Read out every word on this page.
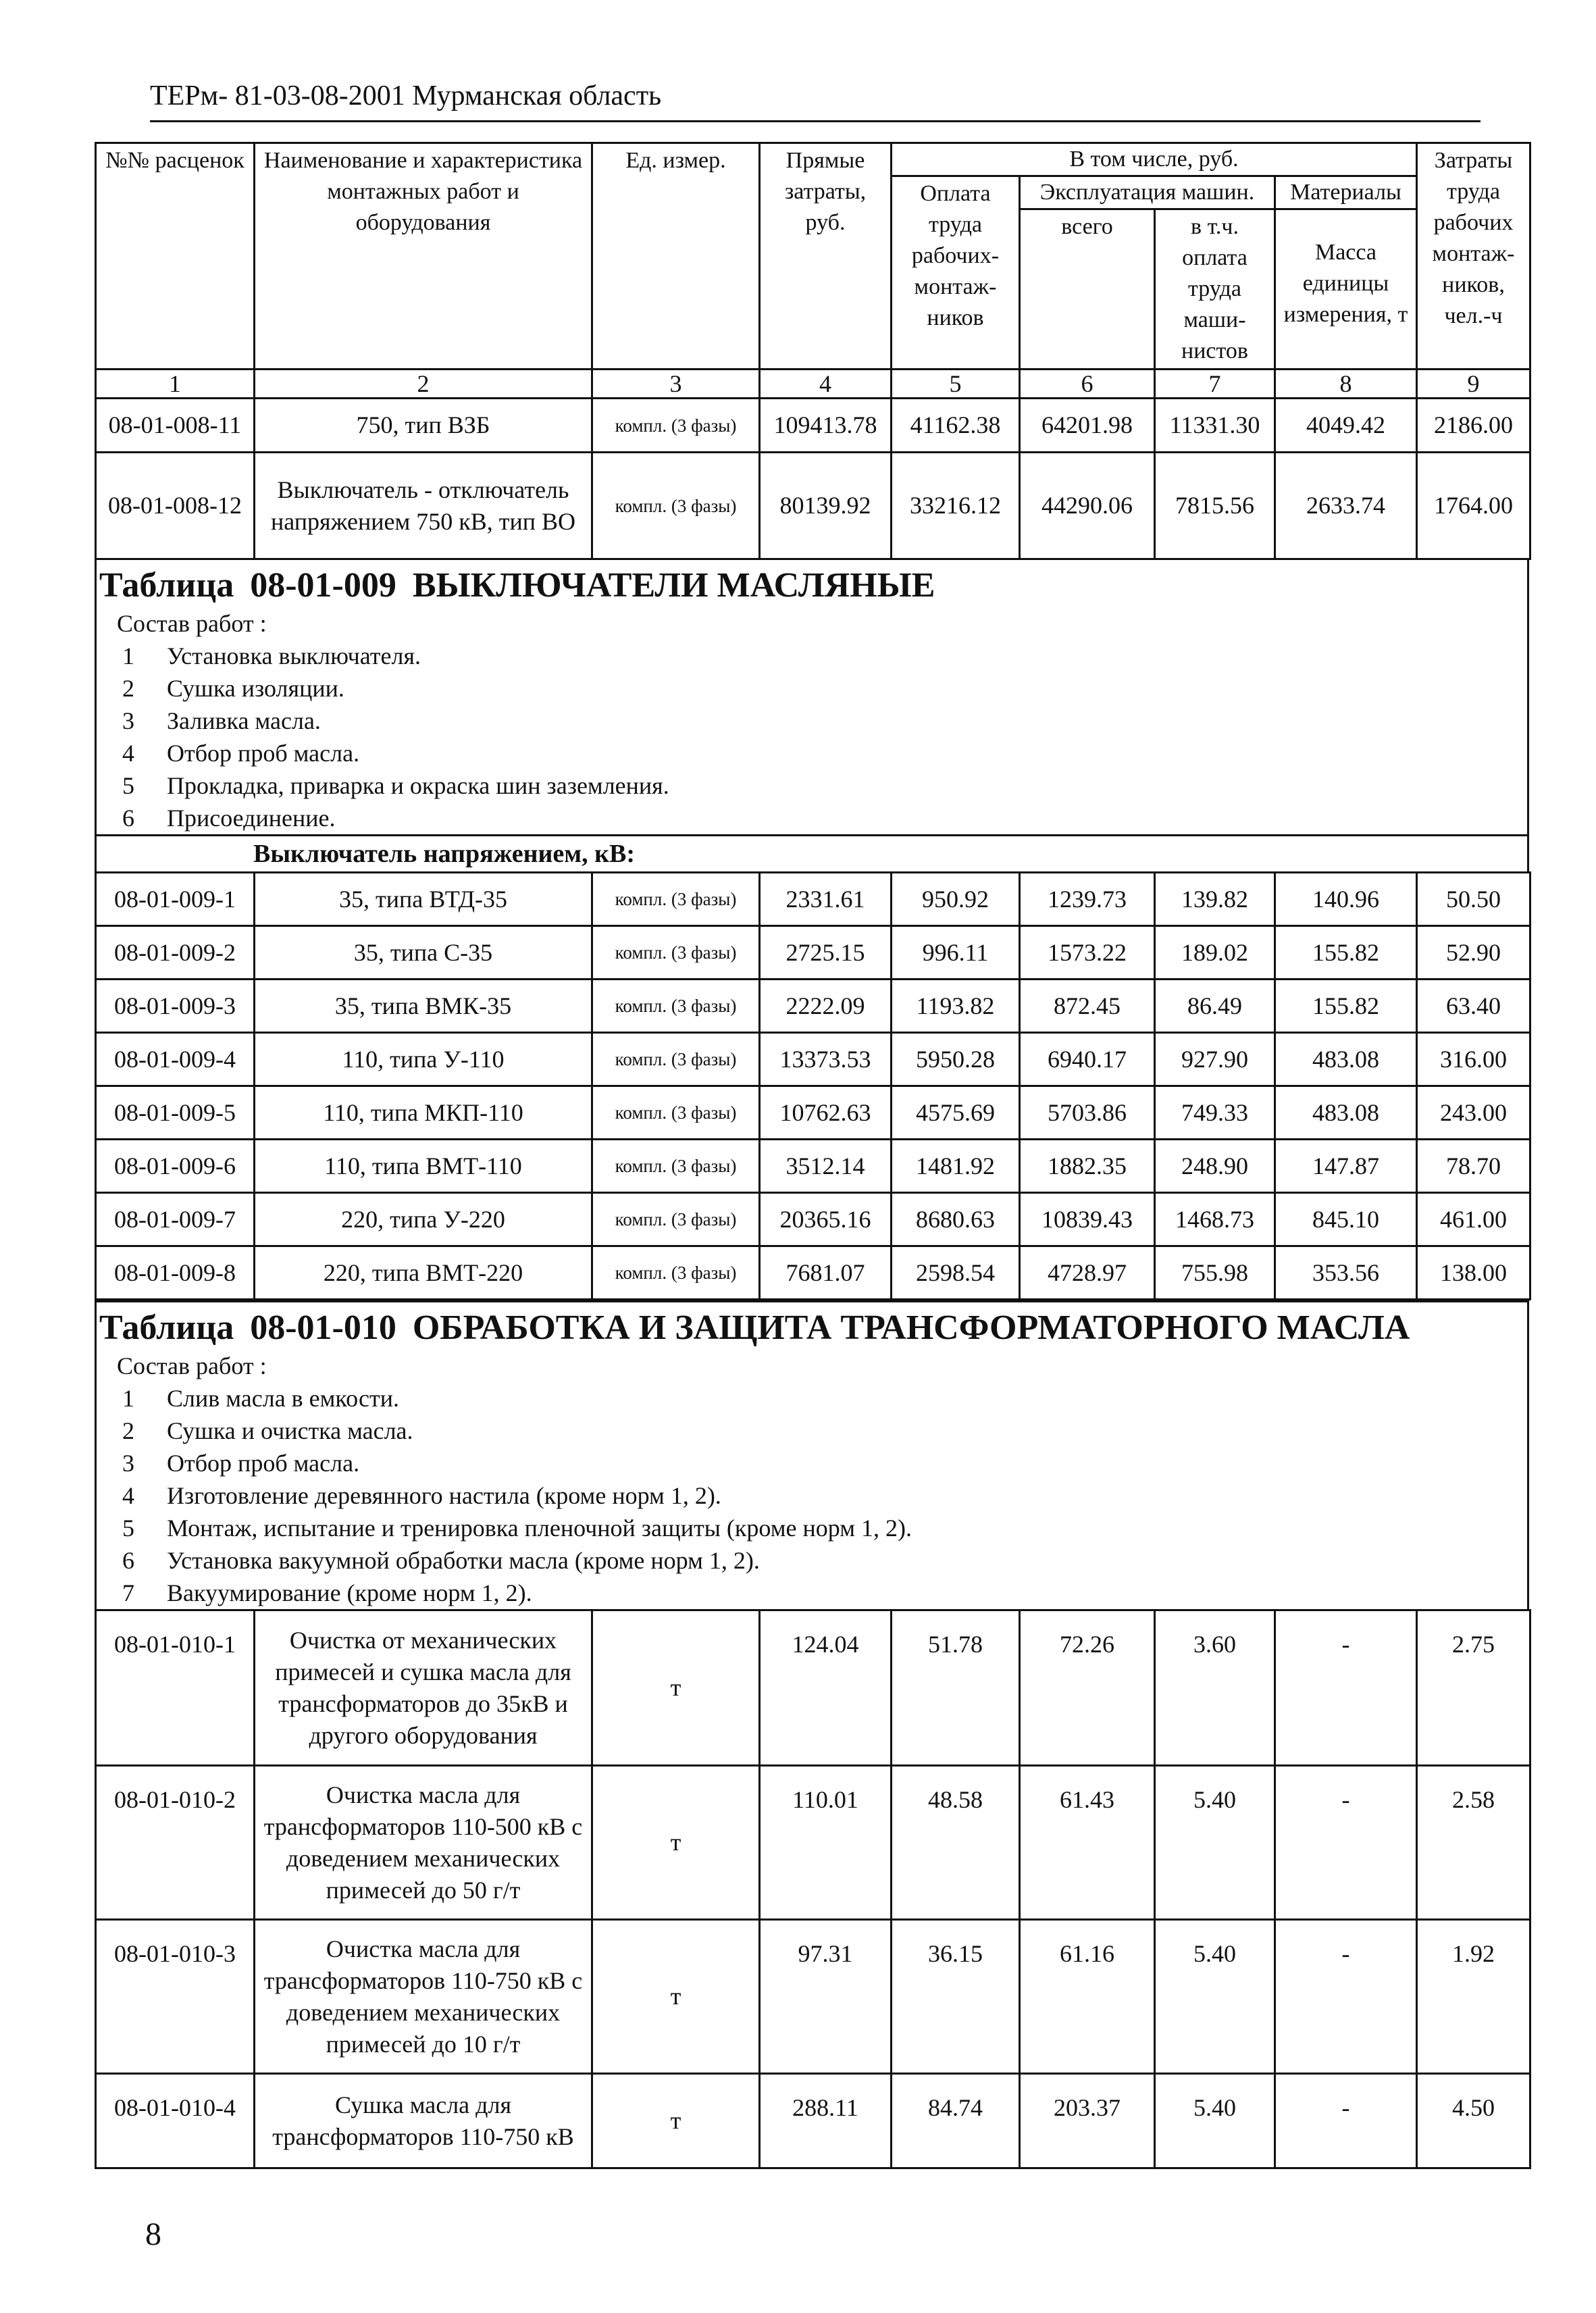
ТЕРм- 81-03-08-2001 Мурманская область
№№ расценок	Наименование и характеристика монтажных работ и оборудования	Ед. измер.	Прямые затраты, руб.	В том числе, руб.				Затраты труда рабочих монтаж-ников, чел.-ч
				Оплата труда рабочих-монтаж-ников	Эксплуатация машин.		Материалы	
					всего	в т.ч. оплата труда маши-нистов	Масса единицы измерения, т	
1	2	3	4	5	6	7	8	9
08-01-008-11	750, тип ВЗБ	компл. (3 фазы)	109413.78	41162.38	64201.98	11331.30	4049.42	2186.00
08-01-008-12	Выключатель - отключатель напряжением 750 кВ, тип ВО	компл. (3 фазы)	80139.92	33216.12	44290.06	7815.56	2633.74	1764.00
Таблица 08-01-009 ВЫКЛЮЧАТЕЛИ МАСЛЯНЫЕ
Состав работ :
1	Установка выключателя.
2	Сушка изоляции.
3	Заливка масла.
4	Отбор проб масла.
5	Прокладка, приварка и окраска шин заземления.
6	Присоединение.
Выключатель напряжением, кВ:
08-01-009-1	35, типа ВТД-35	компл. (3 фазы)	2331.61	950.92	1239.73	139.82	140.96	50.50
08-01-009-2	35, типа С-35	компл. (3 фазы)	2725.15	996.11	1573.22	189.02	155.82	52.90
08-01-009-3	35, типа ВМК-35	компл. (3 фазы)	2222.09	1193.82	872.45	86.49	155.82	63.40
08-01-009-4	110, типа У-110	компл. (3 фазы)	13373.53	5950.28	6940.17	927.90	483.08	316.00
08-01-009-5	110, типа МКП-110	компл. (3 фазы)	10762.63	4575.69	5703.86	749.33	483.08	243.00
08-01-009-6	110, типа ВМТ-110	компл. (3 фазы)	3512.14	1481.92	1882.35	248.90	147.87	78.70
08-01-009-7	220, типа У-220	компл. (3 фазы)	20365.16	8680.63	10839.43	1468.73	845.10	461.00
08-01-009-8	220, типа ВМТ-220	компл. (3 фазы)	7681.07	2598.54	4728.97	755.98	353.56	138.00
Таблица 08-01-010 ОБРАБОТКА И ЗАЩИТА ТРАНСФОРМАТОРНОГО МАСЛА
Состав работ :
1	Слив масла в емкости.
2	Сушка и очистка масла.
3	Отбор проб масла.
4	Изготовление деревянного настила (кроме норм 1, 2).
5	Монтаж, испытание и тренировка пленочной защиты (кроме норм 1, 2).
6	Установка вакуумной обработки масла (кроме норм 1, 2).
7	Вакуумирование (кроме норм 1, 2).
08-01-010-1	Очистка от механических примесей и сушка масла для трансформаторов до 35кВ и другого оборудования	т	124.04	51.78	72.26	3.60	-	2.75
08-01-010-2	Очистка масла для трансформаторов 110-500 кВ с доведением механических примесей до 50 г/т	т	110.01	48.58	61.43	5.40	-	2.58
08-01-010-3	Очистка масла для трансформаторов 110-750 кВ с доведением механических примесей до 10 г/т	т	97.31	36.15	61.16	5.40	-	1.92
08-01-010-4	Сушка масла для трансформаторов 110-750 кВ	т	288.11	84.74	203.37	5.40	-	4.50
8
